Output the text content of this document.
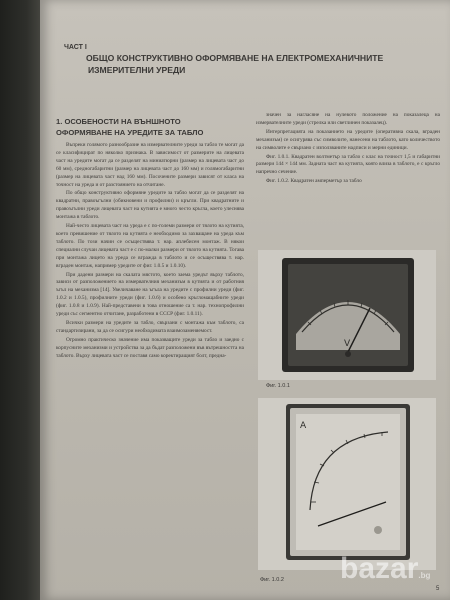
ЧАСТ I
ОБЩО КОНСТРУКТИВНО ОФОРМЯВАНЕ НА ЕЛЕКТРОМЕХАНИЧНИТЕ
ИЗМЕРИТЕЛНИ УРЕДИ
1. ОСОБЕНОСТИ НА ВЪНШНОТО
ОФОРМЯВАНЕ НА УРЕДИТЕ ЗА ТАБЛО

Въпреки голямото разнообразие на измервателните уреди за табло те могат да се класифицират по няколко признака. В зависимост от размерите на лицевата част на уредите могат да се разделят на миниатюрни (размер на лицевата част до 60 мм), средногабаритни (размер на лицевата част до 160 мм) и голямогабаритни (размер на лицевата част над 160 мм). Посочените размери зависят от класа на точност на уреда и от разстоянието на отчитане.

По общо конструктивно оформяне уредите за табло могат да се разделят на квадратни, правоъгълни (обикновени и профилни) и кръгли. При квадратните и правоъгълни уреди лицевата част на кутията е много често кръгла, което улеснява монтажа в таблото.

Най-често лицевата част на уреда е с по-големи размери от тялото на кутията, което превишение от тялото на кутията е необходимо за захващане на уреда към таблото. По този начин се осъществява т. нар. аплeбисен монтаж. В някои специални случаи лицевата част е с по-малки размери от тялото на кутията. Тогава при монтажа лицето на уреда се вгражда в таблото и се осъществява т. нар. вграден монтаж, например уредите от фиг. 1.0.5 и 1.0.10).

При дадени размери на скалата мястото, което заема уредът върху таблото, зависи от разположението на измервателния механизъм в кутията и от работния ъгъл на механизма [14]. Увеличаване на ъгъла на уредите с профилни уреди (фиг. 1.0.2 и 1.0.5), профилните уреди (фиг. 1.0.6) и особено кръгломащабните уреди (фиг. 1.0.8 и 1.0.9). Най-представени в това отношение са т. нар. технопрофилни уреди със сегментно отчитане, разработени в СССР (фиг. 1.0.11).

Всички размери на уредите за табло, свързани с монтажа към таблото, са стандартизирани, за да се осигури необходимата взаимозаменяемост.

Огромно практическо значение има показващите уреди за табло и заедно с корпусните механизми и устройства за да бъдат разположени във вътрешността на таблото. Върху лицевата част се поставя само коректиращият болт, предна-

значен за нагласяне на нулевото положение на показалеца на измервателните уреди (стрелка или светлинен показалец).

Интерпретацията на показанието на уредите (оперативна скала, вграден механизъм) се осигурява със символите, нанесени на таблото, като количеството на символите е свързано с използваните надписи и мерни единици.

Фиг. 1.0.1. Квадратен волтметър за табло с клас на точност 1,5 и габаритни размери 144 × 144 мм. Задната част на кутията, която влиза в таблото, е с кръгло напречно сечение.

Фиг. 1.0.2. Квадратен амперметър за табло

V
Фиг. 1.0.1
A
Фиг. 1.0.2
5
bazar.bg
